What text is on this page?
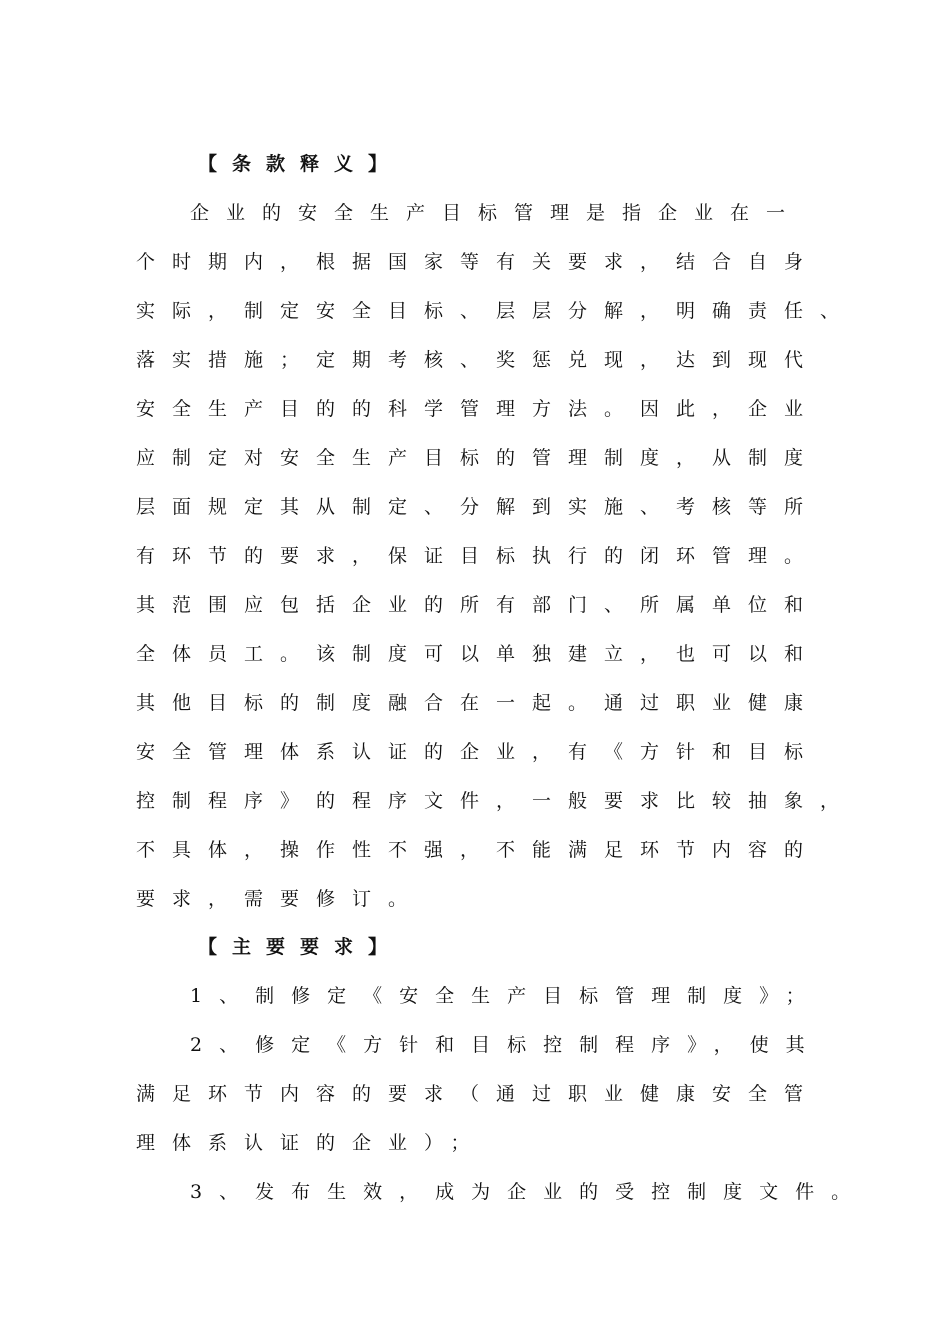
【条款释义】
企业的安全生产目标管理是指企业在一
个时期内，根据国家等有关要求，结合自身
实际，制定安全目标、层层分解，明确责任、
落实措施；定期考核、奖惩兑现，达到现代
安全生产目的的科学管理方法。因此，企业
应制定对安全生产目标的管理制度，从制度
层面规定其从制定、分解到实施、考核等所
有环节的要求，保证目标执行的闭环管理。
其范围应包括企业的所有部门、所属单位和
全体员工。该制度可以单独建立，也可以和
其他目标的制度融合在一起。通过职业健康
安全管理体系认证的企业，有《方针和目标
控制程序》的程序文件，一般要求比较抽象，
不具体，操作性不强，不能满足环节内容的
要求，需要修订。
【主要要求】
1、制修定《安全生产目标管理制度》；
2、修定《方针和目标控制程序》，使其
满足环节内容的要求（通过职业健康安全管
理体系认证的企业）；
3、发布生效，成为企业的受控制度文件。
